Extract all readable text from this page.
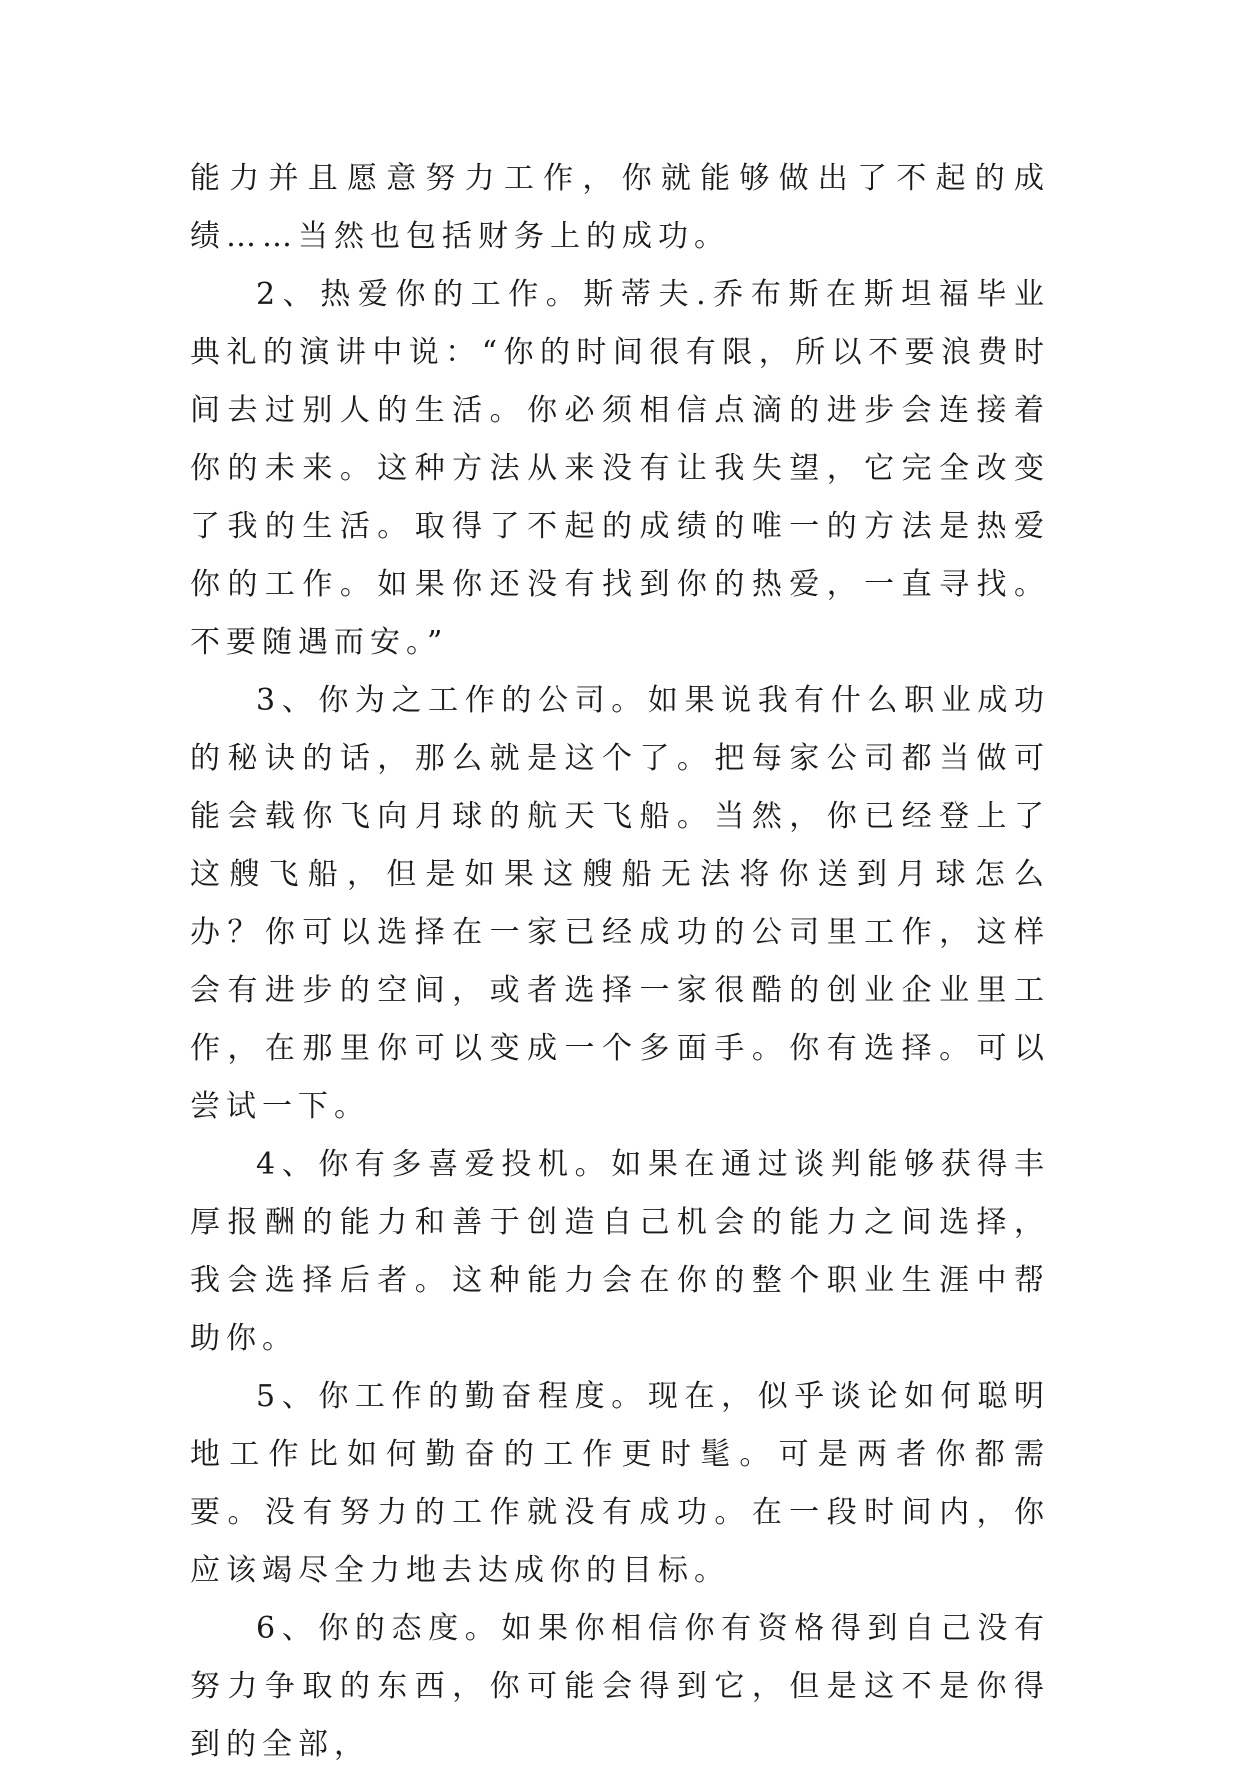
能力并且愿意努力工作，你就能够做出了不起的成绩……当然也包括财务上的成功。

2、热爱你的工作。斯蒂夫.乔布斯在斯坦福毕业典礼的演讲中说：“你的时间很有限，所以不要浪费时间去过别人的生活。你必须相信点滴的进步会连接着你的未来。这种方法从来没有让我失望，它完全改变了我的生活。取得了不起的成绩的唯一的方法是热爱你的工作。如果你还没有找到你的热爱，一直寻找。不要随遇而安。”

3、你为之工作的公司。如果说我有什么职业成功的秘诀的话，那么就是这个了。把每家公司都当做可能会载你飞向月球的航天飞船。当然，你已经登上了这艘飞船，但是如果这艘船无法将你送到月球怎么办？你可以选择在一家已经成功的公司里工作，这样会有进步的空间，或者选择一家很酷的创业企业里工作，在那里你可以变成一个多面手。你有选择。可以尝试一下。

4、你有多喜爱投机。如果在通过谈判能够获得丰厚报酬的能力和善于创造自己机会的能力之间选择，我会选择后者。这种能力会在你的整个职业生涯中帮助你。

5、你工作的勤奋程度。现在，似乎谈论如何聪明地工作比如何勤奋的工作更时髦。可是两者你都需要。没有努力的工作就没有成功。在一段时间内，你应该竭尽全力地去达成你的目标。

6、你的态度。如果你相信你有资格得到自己没有努力争取的东西，你可能会得到它，但是这不是你得到的全部，
